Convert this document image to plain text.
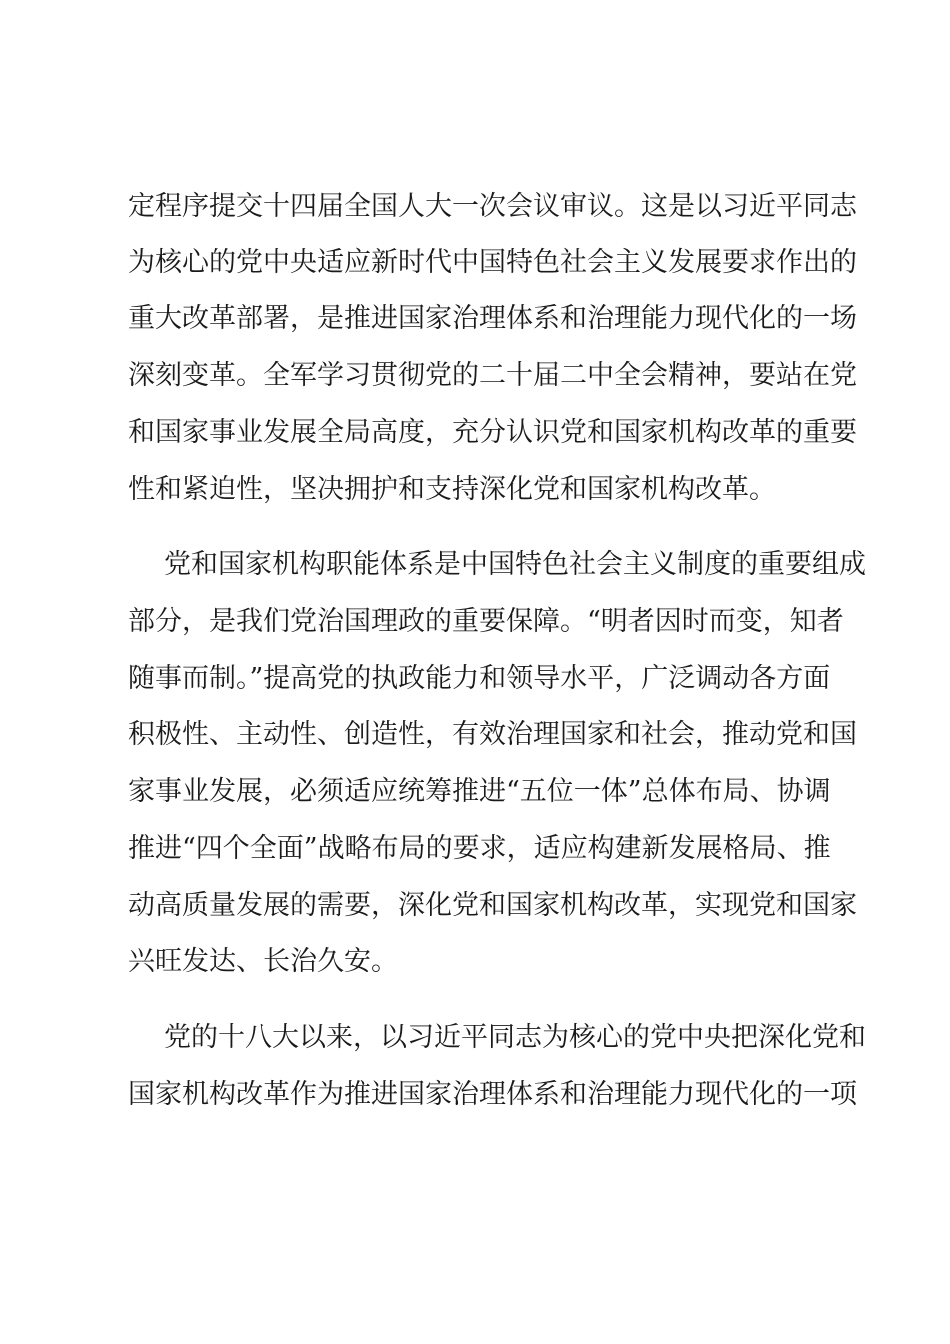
定程序提交十四届全国人大一次会议审议。这是以习近平同志
为核心的党中央适应新时代中国特色社会主义发展要求作出的
重大改革部署，是推进国家治理体系和治理能力现代化的一场
深刻变革。全军学习贯彻党的二十届二中全会精神，要站在党
和国家事业发展全局高度，充分认识党和国家机构改革的重要
性和紧迫性，坚决拥护和支持深化党和国家机构改革。
党和国家机构职能体系是中国特色社会主义制度的重要组成
部分，是我们党治国理政的重要保障。“明者因时而变，知者
随事而制。”提高党的执政能力和领导水平，广泛调动各方面
积极性、主动性、创造性，有效治理国家和社会，推动党和国
家事业发展，必须适应统筹推进“五位一体”总体布局、协调
推进“四个全面”战略布局的要求，适应构建新发展格局、推
动高质量发展的需要，深化党和国家机构改革，实现党和国家
兴旺发达、长治久安。
党的十八大以来，以习近平同志为核心的党中央把深化党和
国家机构改革作为推进国家治理体系和治理能力现代化的一项
